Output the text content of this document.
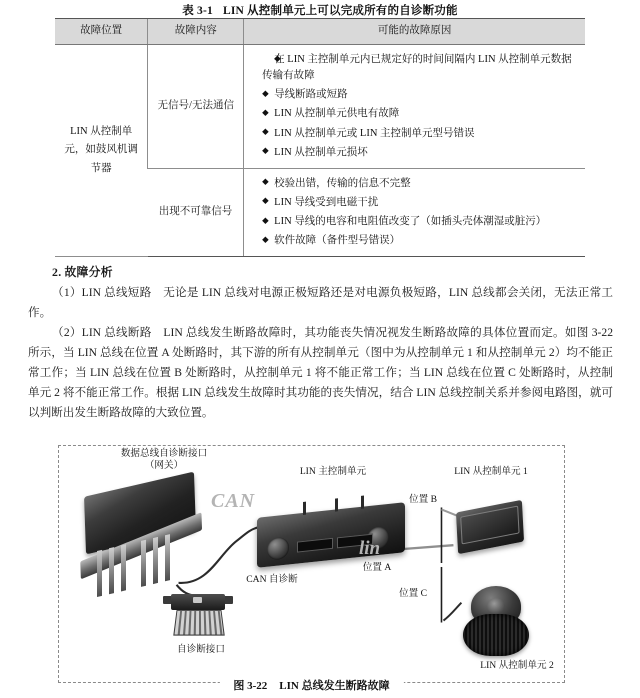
表 3-1 LIN 从控制单元上可以完成所有的自诊断功能
故障位置	故障内容	可能的故障原因
LIN 从控制单元，如鼓风机调节器	无信号/无法通信	
◆ 在 LIN 主控制单元内已规定好的时间间隔内 LIN 从控制单元数据传输有故障
◆ 导线断路或短路
◆ LIN 从控制单元供电有故障
◆ LIN 从控制单元或 LIN 主控制单元型号错误
◆ LIN 从控制单元损坏

出现不可靠信号	
◆ 校验出错，传输的信息不完整
◆ LIN 导线受到电磁干扰
◆ LIN 导线的电容和电阻值改变了（如插头壳体潮湿或脏污）
◆ 软件故障（备件型号错误）
2. 故障分析

（1）LIN 总线短路　无论是 LIN 总线对电源正极短路还是对电源负极短路，LIN 总线都会关闭，无法正常工作。

（2）LIN 总线断路　LIN 总线发生断路故障时，其功能丧失情况视发生断路故障的具体位置而定。如图 3-22 所示，当 LIN 总线在位置 A 处断路时，其下游的所有从控制单元（图中为从控制单元 1 和从控制单元 2）均不能正常工作；当 LIN 总线在位置 B 处断路时，从控制单元 1 将不能正常工作；当 LIN 总线在位置 C 处断路时，从控制单元 2 将不能正常工作。根据 LIN 总线发生故障时其功能的丧失情况，结合 LIN 总线控制关系并参阅电路图，就可以判断出发生断路故障的大致位置。

CAN
lin
数据总线自诊断接口
（网关）
LIN 主控制单元	LIN 从控制单元 1
LIN 从控制单元 2
位置 B
位置 A
位置 C
CAN 自诊断
自诊断接口
图 3-22 LIN 总线发生断路故障
